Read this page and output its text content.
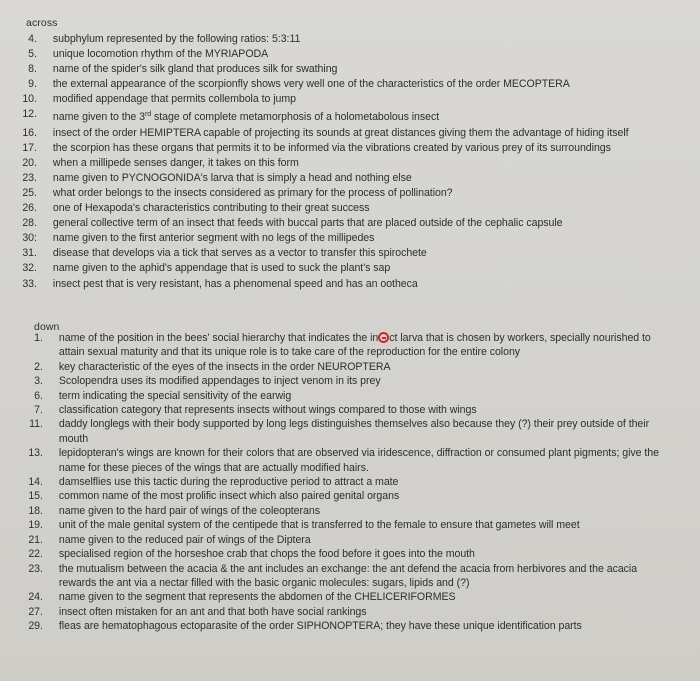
across
4 . subphylum represented by the following ratios: 5:3:11
5 . unique locomotion rhythm of the MYRIAPODA
8 . name of the spider's silk gland that produces silk for swathing
9 . the external appearance of the scorpionfly shows very well one of the characteristics of the order MECOPTERA
10 . modified appendage that permits collembola to jump
12 . name given to the 3rd stage of complete metamorphosis of a holometabolous insect
16 . insect of the order HEMIPTERA capable of projecting its sounds at great distances giving them the advantage of hiding itself
17 . the scorpion has these organs that permits it to be informed via the vibrations created by various prey of its surroundings
20 . when a millipede senses danger, it takes on this form
23 . name given to PYCNOGONIDA's larva that is simply a head and nothing else
25 . what order belongs to the insects considered as primary for the process of pollination?
26 . one of Hexapoda's characteristics contributing to their great success
28 . general collective term of an insect that feeds with buccal parts that are placed outside of the cephalic capsule
30 : name given to the first anterior segment with no legs of the millipedes
31 . disease that develops via a tick that serves as a vector to transfer this spirochete
32 . name given to the aphid's appendage that is used to suck the plant's sap
33 . insect pest that is very resistant, has a phenomenal speed and has an ootheca
down
1 . name of the position in the bees' social hierarchy that indicates the in ct larva that is chosen by workers, specially nourished to attain sexual maturity and that its unique role is to take care of the reproduction for the entire colony
2 . key characteristic of the eyes of the insects in the order NEUROPTERA
3 . Scolopendra uses its modified appendages to inject venom in its prey
6 . term indicating the special sensitivity of the earwig
7 . classification category that represents insects without wings compared to those with wings
11 . daddy longlegs with their body supported by long legs distinguishes themselves also because they (?) their prey outside of their mouth
13 . lepidopteran's wings are known for their colors that are observed via iridescence, diffraction or consumed plant pigments; give the name for these pieces of the wings that are actually modified hairs.
14 . damselflies use this tactic during the reproductive period to attract a mate
15 . common name of the most prolific insect which also paired genital organs
18 . name given to the hard pair of wings of the coleopterans
19 . unit of the male genital system of the centipede that is transferred to the female to ensure that gametes will meet
21 . name given to the reduced pair of wings of the Diptera
22 . specialised region of the horseshoe crab that chops the food before it goes into the mouth
23 . the mutualism between the acacia & the ant includes an exchange: the ant defend the acacia from herbivores and the acacia rewards the ant via a nectar filled with the basic organic molecules: sugars, lipids and (?)
24 . name given to the segment that represents the abdomen of the CHELICERIFORMES
27 . insect often mistaken for an ant and that both have social rankings
29 . fleas are hematophagous ectoparasite of the order SIPHONOPTERA; they have these unique identification parts
